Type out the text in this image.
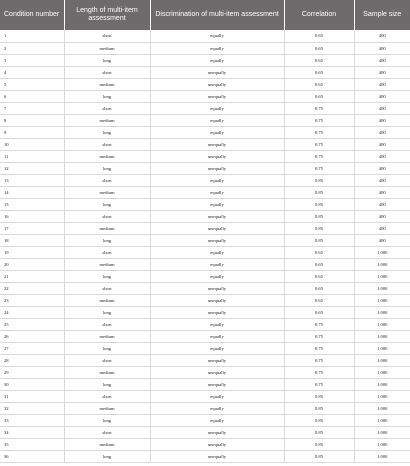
Condition number	Length of multi-item assessment	Discrimination of multi-item assessment	Correlation	Sample size
1	short	equally	0.65	400
2	medium	equally	0.65	400
3	long	equally	0.65	400
4	short	unequally	0.65	400
5	medium	unequally	0.65	400
6	long	unequally	0.65	400
7	short	equally	0.75	400
8	medium	equally	0.75	400
9	long	equally	0.75	400
10	short	unequally	0.75	400
11	medium	unequally	0.75	400
12	long	unequally	0.75	400
13	short	equally	0.85	400
14	medium	equally	0.85	400
15	long	equally	0.85	400
16	short	unequally	0.85	400
17	medium	unequally	0.85	400
18	long	unequally	0.85	400
19	short	equally	0.65	1,000
20	medium	equally	0.65	1,000
21	long	equally	0.65	1,000
22	short	unequally	0.65	1,000
23	medium	unequally	0.65	1,000
24	long	unequally	0.65	1,000
25	short	equally	0.75	1,000
26	medium	equally	0.75	1,000
27	long	equally	0.75	1,000
28	short	unequally	0.75	1,000
29	medium	unequally	0.75	1,000
30	long	unequally	0.75	1,000
31	short	equally	0.85	1,000
32	medium	equally	0.85	1,000
33	long	equally	0.85	1,000
34	short	unequally	0.85	1,000
35	medium	unequally	0.85	1,000
36	long	unequally	0.85	1,000
